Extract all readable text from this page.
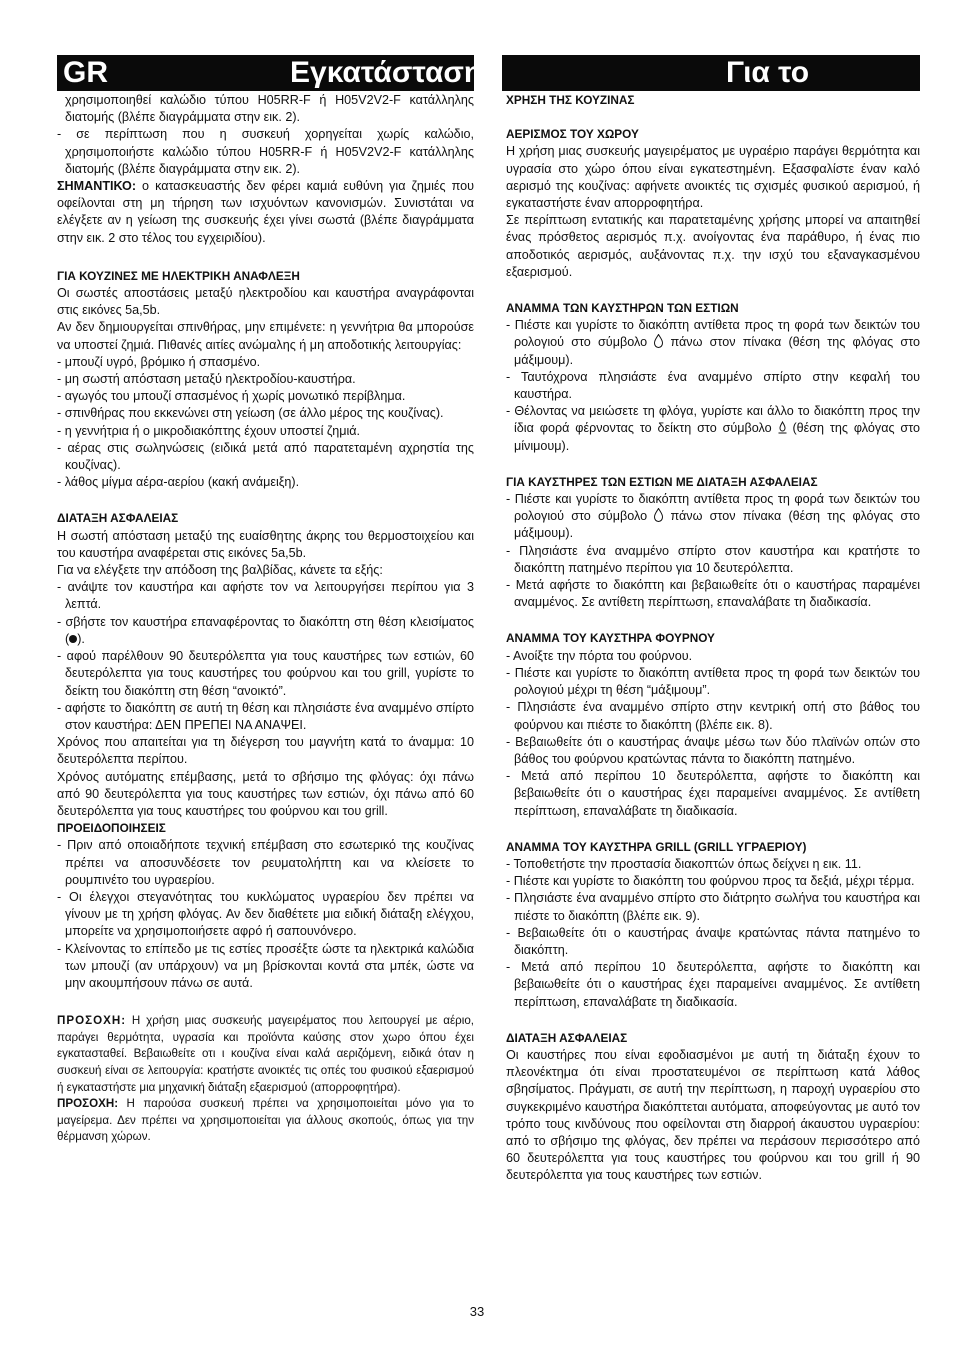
GR	Εγκατάσταση	Για το χρήστη

χρησιμοποιηθεί καλώδιο τύπου H05RR-F ή H05V2V2-F κατάλληλης διατομής (βλέπε διαγράμματα στην εικ. 2).

- σε περίπτωση που η συσκευή χορηγείται χωρίς καλώδιο, χρησιμοποιήστε καλώδιο τύπου H05RR-F ή H05V2V2-F κατάλληλης διατομής (βλέπε διαγράμματα στην εικ. 2).

ΣΗΜΑΝΤΙΚΟ: ο κατασκευαστής δεν φέρει καμιά ευθύνη για ζημιές που οφείλονται στη μη τήρηση των ισχυόντων κανονισμών. Συνιστάται να ελέγξετε αν η γείωση της συσκευής έχει γίνει σωστά (βλέπε διαγράμματα στην εικ. 2 στο τέλος του εγχειριδίου).

ΓΙΑ ΚΟΥΖΙΝΕΣ ΜΕ ΗΛΕΚΤΡΙΚΗ ΑΝΑΦΛΕΞΗ

Οι σωστές αποστάσεις μεταξύ ηλεκτροδίου και καυστήρα αναγράφονται στις εικόνες 5a,5b.

Αν δεν δημιουργείται σπινθήρας, μην επιμένετε: η γεννήτρια θα μπορούσε να υποστεί ζημιά. Πιθανές αιτίες ανώμαλης ή μη αποδοτικής λειτουργίας:

- μπουζί υγρό, βρόμικο ή σπασμένο.

- μη σωστή απόσταση μεταξύ ηλεκτροδίου-καυστήρα.

- αγωγός του μπουζί σπασμένος ή χωρίς μονωτικό περίβλημα.

- σπινθήρας που εκκενώνει στη γείωση (σε άλλο μέρος της κουζίνας).

- η γεννήτρια ή ο μικροδιακόπτης έχουν υποστεί ζημιά.

- αέρας στις σωληνώσεις (ειδικά μετά από παρατεταμένη αχρηστία της κουζίνας).

- λάθος μίγμα αέρα-αερίου (κακή ανάμειξη).

ΔΙΑΤΑΞΗ ΑΣΦΑΛΕΙΑΣ

Η σωστή απόσταση μεταξύ της ευαίσθητης άκρης του θερμοστοιχείου και του καυστήρα αναφέρεται στις εικόνες 5a,5b.

Για να ελέγξετε την απόδοση της βαλβίδας, κάνετε τα εξής:

- ανάψτε τον καυστήρα και αφήστε τον να λειτουργήσει περίπου για 3 λεπτά.

- σβήστε τον καυστήρα επαναφέροντας το διακόπτη στη θέση κλεισίματος ( ).

- αφού παρέλθουν 90 δευτερόλεπτα για τους καυστήρες των εστιών, 60 δευτερόλεπτα για τους καυστήρες του φούρνου και του grill, γυρίστε το δείκτη του διακόπτη στη θέση “ανοικτό”.

- αφήστε το διακόπτη σε αυτή τη θέση και πλησιάστε ένα αναμμένο σπίρτο στον καυστήρα: ΔΕΝ ΠΡΕΠΕΙ ΝΑ ΑΝΑΨΕΙ.

Χρόνος που απαιτείται για τη διέγερση του μαγνήτη κατά το άναμμα: 10 δευτερόλεπτα περίπου.

Χρόνος αυτόματης επέμβασης, μετά το σβήσιμο της φλόγας: όχι πάνω από 90 δευτερόλεπτα για τους καυστήρες των εστιών, όχι πάνω από 60 δευτερόλεπτα για τους καυστήρες του φούρνου και του grill.

ΠΡΟΕΙΔΟΠΟΙΗΣΕΙΣ

- Πριν από οποιαδήποτε τεχνική επέμβαση στο εσωτερικό της κουζίνας πρέπει να αποσυνδέσετε τον ρευματολήπτη και να κλείσετε το ρουμπινέτο του υγραερίου.

- Οι έλεγχοι στεγανότητας του κυκλώματος υγραερίου δεν πρέπει να γίνουν με τη χρήση φλόγας. Αν δεν διαθέτετε μια ειδική διάταξη ελέγχου, μπορείτε να χρησιμοποιήσετε αφρό ή σαπουνόνερο.

- Κλείνοντας το επίπεδο με τις εστίες προσέξτε ώστε τα ηλεκτρικά καλώδια των μπουζί (αν υπάρχουν) να μη βρίσκονται κοντά στα μπέκ, ώστε να μην ακουμπήσουν πάνω σε αυτά.

ΠΡΟΣΟΧΗ: Η χρήση μιας συσκευής μαγειρέματος που λειτουργεί με αέριο, παράγει θερμότητα, υγρασία και προϊόντα καύσης στον χωρο όπου έχει εγκατασταθεί. Βεβαιωθείτε οτι ι κουζίνα είναι καλά αεριζόμενη, ειδικά όταν η συσκευή είναι σε λειτουργία: κρατήστε ανοικτές τις οπές του φυσικού εξαερισμού ή εγκαταστήστε μια μηχανική διάταξη εξαερισμού (απορροφητήρα).

ΠΡΟΣΟΧΗ: Η παρούσα συσκευή πρέπει να χρησιμοποιείται μόνο για το μαγείρεμα. Δεν πρέπει να χρησιμοποιείται για άλλους σκοπούς, όπως για την θέρμανση χώρων.

ΧΡΗΣΗ ΤΗΣ ΚΟΥΖΙΝΑΣ

ΑΕΡΙΣΜΟΣ ΤΟΥ ΧΩΡΟΥ

Η χρήση μιας συσκευής μαγειρέματος με υγραέριο παράγει θερμότητα και υγρασία στο χώρο όπου είναι εγκατεστημένη. Εξασφαλίστε έναν καλό αερισμό της κουζίνας: αφήνετε ανοικτές τις σχισμές φυσικού αερισμού, ή εγκαταστήστε έναν απορροφητήρα.

Σε περίπτωση εντατικής και παρατεταμένης χρήσης μπορεί να απαιτηθεί ένας πρόσθετος αερισμός π.χ. ανοίγοντας ένα παράθυρο, ή ένας πιο αποδοτικός αερισμός, αυξάνοντας π.χ. την ισχύ του εξαναγκασμένου εξαερισμού.

ΑΝΑΜΜΑ ΤΩΝ ΚΑΥΣΤΗΡΩΝ ΤΩΝ ΕΣΤΙΩΝ

- Πιέστε και γυρίστε το διακόπτη αντίθετα προς τη φορά των δεικτών του ρολογιού στο σύμβολο  πάνω στον πίνακα (θέση της φλόγας στο μάξιμουμ).

- Ταυτόχρονα πλησιάστε ένα αναμμένο σπίρτο στην κεφαλή του καυστήρα.

- Θέλοντας να μειώσετε τη φλόγα, γυρίστε και άλλο το διακόπτη προς την ίδια φορά φέρνοντας το δείκτη στο σύμβολο  (θέση της φλόγας στο μίνιμουμ).

ΓΙΑ ΚΑΥΣΤΗΡΕΣ ΤΩΝ ΕΣΤΙΩΝ ΜΕ ΔΙΑΤΑΞΗ ΑΣΦΑΛΕΙΑΣ

- Πιέστε και γυρίστε το διακόπτη αντίθετα προς τη φορά των δεικτών του ρολογιού στο σύμβολο  πάνω στον πίνακα (θέση της φλόγας στο μάξιμουμ).

- Πλησιάστε ένα αναμμένο σπίρτο στον καυστήρα και κρατήστε το διακόπτη πατημένο περίπου για 10 δευτερόλεπτα.

- Μετά αφήστε το διακόπτη και βεβαιωθείτε ότι ο καυστήρας παραμένει αναμμένος. Σε αντίθετη περίπτωση, επαναλάβατε τη διαδικασία.

ΑΝΑΜΜΑ ΤΟΥ ΚΑΥΣΤΗΡΑ ΦΟΥΡΝΟΥ

- Ανοίξτε την πόρτα του φούρνου.

- Πιέστε και γυρίστε το διακόπτη αντίθετα προς τη φορά των δεικτών του ρολογιού μέχρι τη θέση “μάξιμουμ”.

- Πλησιάστε ένα αναμμένο σπίρτο στην κεντρική οπή στο βάθος του φούρνου και πιέστε το διακόπτη (βλέπε εικ. 8).

- Βεβαιωθείτε ότι ο καυστήρας άναψε μέσω των δύο πλαϊνών οπών στο βάθος του φούρνου κρατώντας πάντα το διακόπτη πατημένο.

- Μετά από περίπου 10 δευτερόλεπτα, αφήστε το διακόπτη και βεβαιωθείτε ότι ο καυστήρας έχει παραμείνει αναμμένος. Σε αντίθετη περίπτωση, επαναλάβατε τη διαδικασία.

ΑΝΑΜΜΑ ΤΟΥ ΚΑΥΣΤΗΡΑ GRILL (GRILL ΥΓΡΑΕΡΙΟΥ)

- Τοποθετήστε την προστασία διακοπτών όπως δείχνει η εικ. 11.

- Πιέστε και γυρίστε το διακόπτη του φούρνου προς τα δεξιά, μέχρι τέρμα.

- Πλησιάστε ένα αναμμένο σπίρτο στο διάτρητο σωλήνα του καυστήρα και πιέστε το διακόπτη (βλέπε εικ. 9).

- Βεβαιωθείτε ότι ο καυστήρας άναψε κρατώντας πάντα πατημένο το διακόπτη.

- Μετά από περίπου 10 δευτερόλεπτα, αφήστε το διακόπτη και βεβαιωθείτε ότι ο καυστήρας έχει παραμείνει αναμμένος. Σε αντίθετη περίπτωση, επαναλάβατε τη διαδικασία.

ΔΙΑΤΑΞΗ ΑΣΦΑΛΕΙΑΣ

Οι καυστήρες που είναι εφοδιασμένοι με αυτή τη διάταξη έχουν το πλεονέκτημα ότι είναι προστατευμένοι σε περίπτωση κατά λάθος σβησίματος. Πράγματι, σε αυτή την περίπτωση, η παροχή υγραερίου στο συγκεκριμένο καυστήρα διακόπτεται αυτόματα, αποφεύγοντας με αυτό τον τρόπο τους κινδύνους που οφείλονται στη διαρροή άκαυστου υγραερίου: από το σβήσιμο της φλόγας, δεν πρέπει να περάσουν περισσότερο από 60 δευτερόλεπτα για τους καυστήρες του φούρνου και του grill ή 90 δευτερόλεπτα για τους καυστήρες των εστιών.

33
